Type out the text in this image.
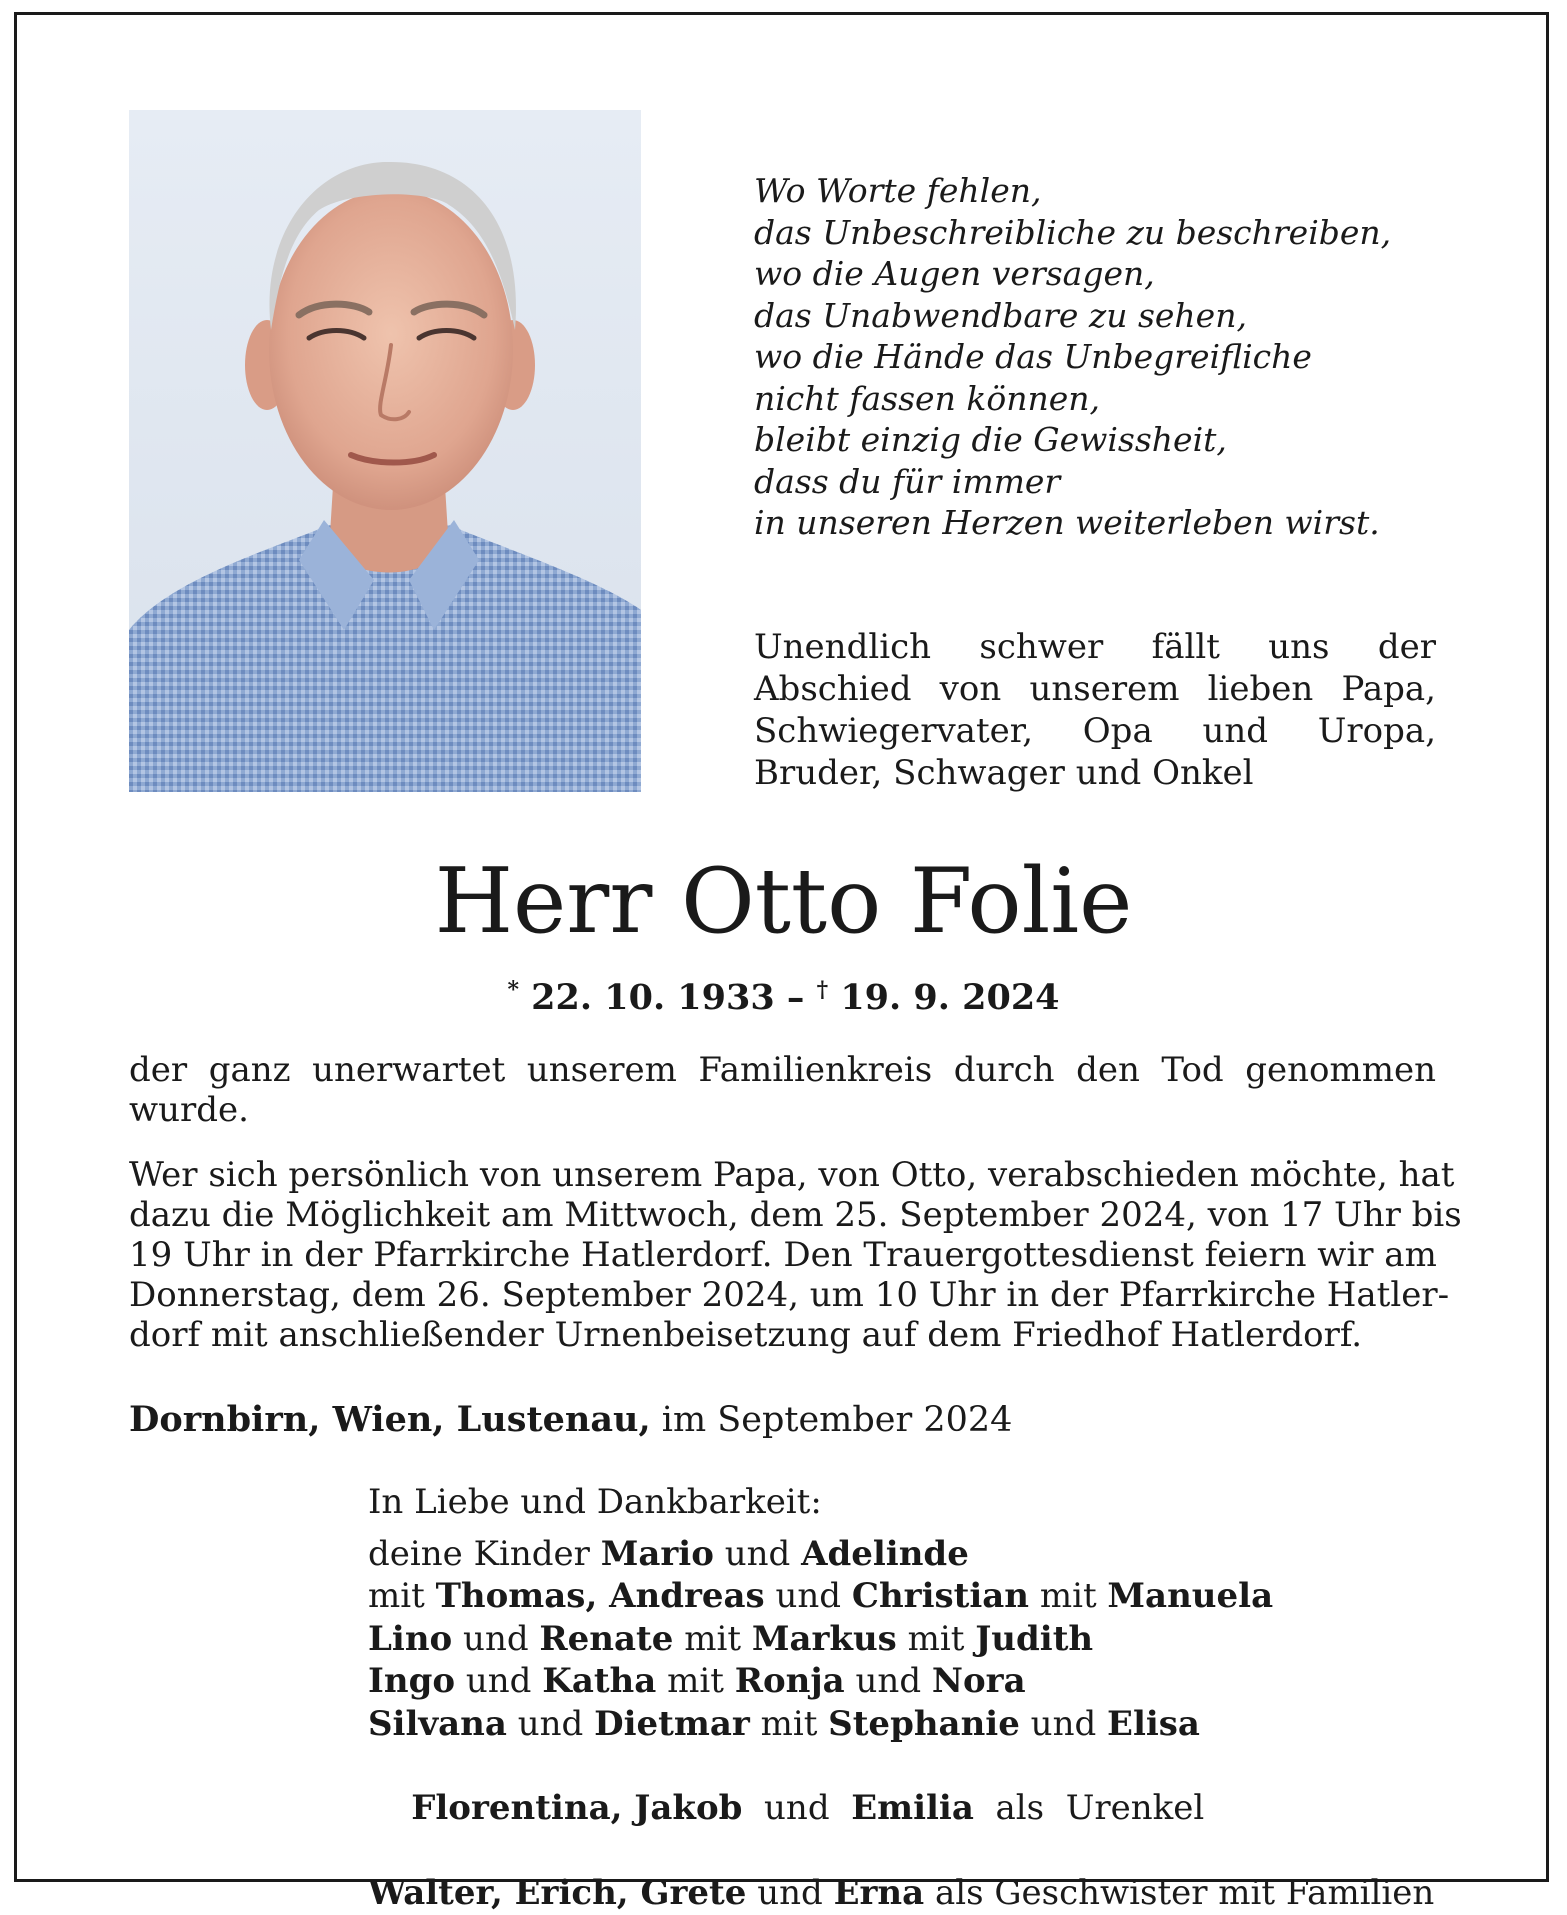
Wo Worte fehlen,
das Unbeschreibliche zu beschreiben,
wo die Augen versagen,
das Unabwendbare zu sehen,
wo die Hände das Unbegreifliche
nicht fassen können,
bleibt einzig die Gewissheit,
dass du für immer
in unseren Herzen weiterleben wirst.
Unendlich schwer fällt uns der Abschied von unserem lieben Papa, Schwiegervater, Opa und Uropa, Bruder, Schwager und Onkel
Herr Otto Folie
* 22. 10. 1933 – † 19. 9. 2024
der ganz unerwartet unserem Familienkreis durch den Tod genommen wurde.
Wer sich persönlich von unserem Papa, von Otto, verabschieden möchte, hat
dazu die Möglichkeit am Mittwoch, dem 25. September 2024, von 17 Uhr bis
19 Uhr in der Pfarrkirche Hatlerdorf. Den Trauergottesdienst feiern wir am
Donnerstag, dem 26. September 2024, um 10 Uhr in der Pfarrkirche Hatler-
dorf mit anschließender Urnenbeisetzung auf dem Friedhof Hatlerdorf.
Dornbirn, Wien, Lustenau, im September 2024
In Liebe und Dankbarkeit:
deine Kinder Mario und Adelinde
mit Thomas, Andreas und Christian mit Manuela
Lino und Renate mit Markus mit Judith
Ingo und Katha mit Ronja und Nora
Silvana und Dietmar mit Stephanie und Elisa

Florentina, Jakob  und  Emilia  als  Urenkel

Walter, Erich, Grete und Erna als Geschwister mit Familien
